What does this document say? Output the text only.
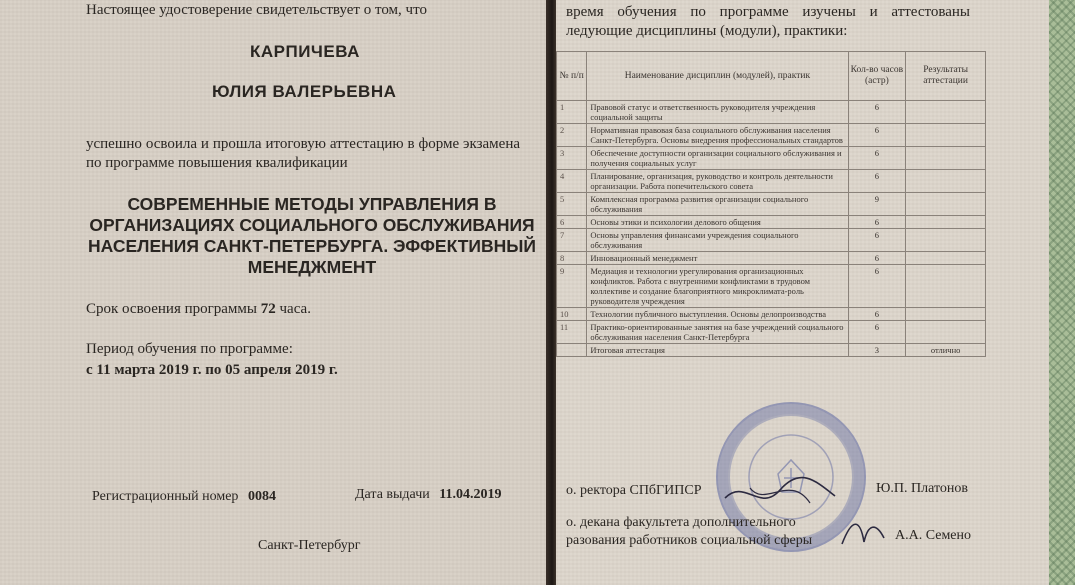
Настоящее удостоверение свидетельствует о том, что
КАРПИЧЕВА
ЮЛИЯ ВАЛЕРЬЕВНА
успешно освоила и прошла итоговую аттестацию в форме экзамена по программе повышения квалификации
СОВРЕМЕННЫЕ МЕТОДЫ УПРАВЛЕНИЯ В ОРГАНИЗАЦИЯХ СОЦИАЛЬНОГО ОБСЛУЖИВАНИЯ НАСЕЛЕНИЯ САНКТ-ПЕТЕРБУРГА. ЭФФЕКТИВНЫЙ МЕНЕДЖМЕНТ
Срок освоения программы 72 часа.
Период обучения по программе:
с 11 марта 2019 г. по 05 апреля 2019 г.
Регистрационный номер 0084	Дата выдачи 11.04.2019
Санкт-Петербург
время обучения по программе изучены и аттестованы ледующие дисциплины (модули), практики:
№ п/п	Наименование дисциплин (модулей), практик	Кол-во часов (астр)	Результаты аттестации
1	Правовой статус и ответственность руководителя учреждения социальной защиты	6	
2	Нормативная правовая база социального обслуживания населения Санкт-Петербурга. Основы внедрения профессиональных стандартов	6	
3	Обеспечение доступности организации социального обслуживания и получения социальных услуг	6	
4	Планирование, организация, руководство и контроль деятельности организации. Работа попечительского совета	6	
5	Комплексная программа развития организации социального обслуживания	9	
6	Основы этики и психологии делового общения	6	
7	Основы управления финансами учреждения социального обслуживания	6	
8	Инновационный менеджмент	6	
9	Медиация и технологии урегулирования организационных конфликтов. Работа с внутренними конфликтами в трудовом коллективе и создание благоприятного микроклимата-роль руководителя учреждения	6	
10	Технологии публичного выступления. Основы делопроизводства	6	
11	Практико-ориентированные занятия на базе учреждений социального обслуживания населения Санкт-Петербурга	6	
	Итоговая аттестация	3	отлично
о. ректора СПбГИПСР	Ю.П. Платонов
о. декана факультета дополнительного разования работников социальной сферы	А.А. Семено
